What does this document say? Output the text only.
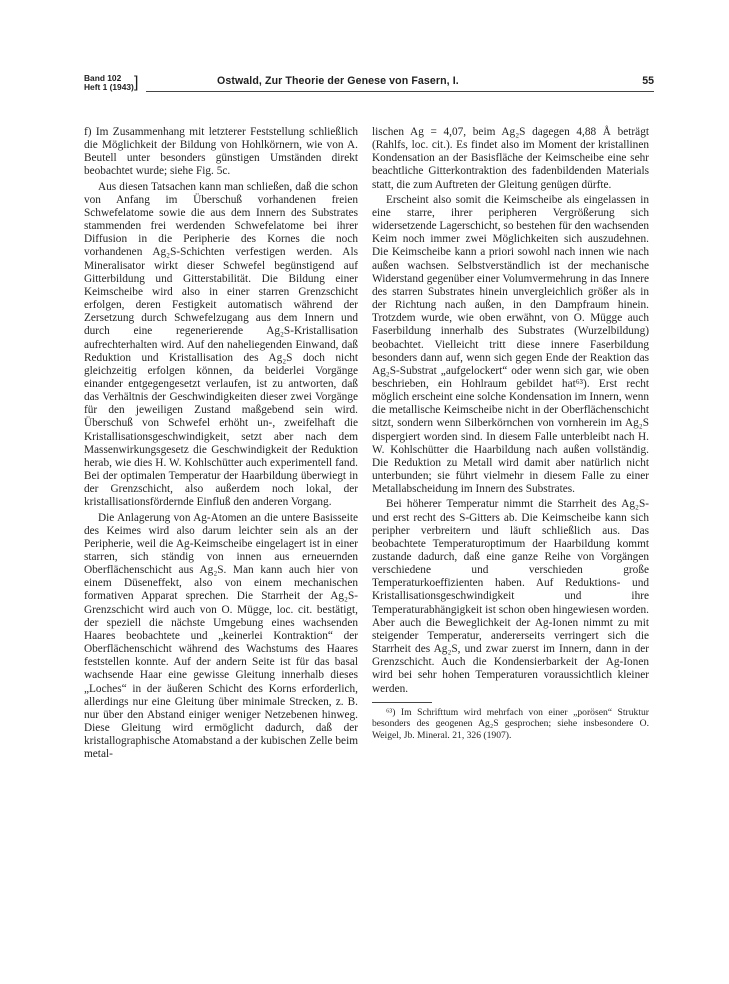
Band 102
Heft 1 (1943) ]	Ostwald, Zur Theorie der Genese von Fasern, I.	55

f) Im Zusammenhang mit letzterer Feststellung schließlich die Möglichkeit der Bildung von Hohlkörnern, wie von A. Beutell unter besonders günstigen Umständen direkt beobachtet wurde; siehe Fig. 5c.

Aus diesen Tatsachen kann man schließen, daß die schon von Anfang im Überschuß vorhandenen freien Schwefelatome sowie die aus dem Innern des Substrates stammenden frei werdenden Schwefelatome bei ihrer Diffusion in die Peripherie des Kornes die noch vorhandenen Ag₂S-Schichten verfestigen werden. Als Mineralisator wirkt dieser Schwefel begünstigend auf Gitterbildung und Gitterstabilität. Die Bildung einer Keimscheibe wird also in einer starren Grenzschicht erfolgen, deren Festigkeit automatisch während der Zersetzung durch Schwefelzugang aus dem Innern und durch eine regenerierende Ag₂S-Kristallisation aufrechterhalten wird. Auf den naheliegenden Einwand, daß Reduktion und Kristallisation des Ag₂S doch nicht gleichzeitig erfolgen können, da beiderlei Vorgänge einander entgegengesetzt verlaufen, ist zu antworten, daß das Verhältnis der Geschwindigkeiten dieser zwei Vorgänge für den jeweiligen Zustand maßgebend sein wird. Überschuß von Schwefel erhöht un-, zweifelhaft die Kristallisationsgeschwindigkeit, setzt aber nach dem Massenwirkungsgesetz die Geschwindigkeit der Reduktion herab, wie dies H. W. Kohlschütter auch experimentell fand. Bei der optimalen Temperatur der Haarbildung überwiegt in der Grenzschicht, also außerdem noch lokal, der kristallisationsfördernde Einfluß den anderen Vorgang.

Die Anlagerung von Ag-Atomen an die untere Basisseite des Keimes wird also darum leichter sein als an der Peripherie, weil die Ag-Keimscheibe eingelagert ist in einer starren, sich ständig von innen aus erneuernden Oberflächenschicht aus Ag₂S. Man kann auch hier von einem Düseneffekt, also von einem mechanischen formativen Apparat sprechen. Die Starrheit der Ag₂S-Grenzschicht wird auch von O. Mügge, loc. cit. bestätigt, der speziell die nächste Umgebung eines wachsenden Haares beobachtete und „keinerlei Kontraktion“ der Oberflächenschicht während des Wachstums des Haares feststellen konnte. Auf der andern Seite ist für das basal wachsende Haar eine gewisse Gleitung innerhalb dieses „Loches“ in der äußeren Schicht des Korns erforderlich, allerdings nur eine Gleitung über minimale Strecken, z. B. nur über den Abstand einiger weniger Netzebenen hinweg. Diese Gleitung wird ermöglicht dadurch, daß der kristallographische Atomabstand a der kubischen Zelle beim metal-

lischen Ag = 4,07, beim Ag₂S dagegen 4,88 Å beträgt (Rahlfs, loc. cit.). Es findet also im Moment der kristallinen Kondensation an der Basisfläche der Keimscheibe eine sehr beachtliche Gitterkontraktion des fadenbildenden Materials statt, die zum Auftreten der Gleitung genügen dürfte.

Erscheint also somit die Keimscheibe als eingelassen in eine starre, ihrer peripheren Vergrößerung sich widersetzende Lagerschicht, so bestehen für den wachsenden Keim noch immer zwei Möglichkeiten sich auszudehnen. Die Keimscheibe kann a priori sowohl nach innen wie nach außen wachsen. Selbstverständlich ist der mechanische Widerstand gegenüber einer Volumvermehrung in das Innere des starren Substrates hinein unvergleichlich größer als in der Richtung nach außen, in den Dampfraum hinein. Trotzdem wurde, wie oben erwähnt, von O. Mügge auch Faserbildung innerhalb des Substrates (Wurzelbildung) beobachtet. Vielleicht tritt diese innere Faserbildung besonders dann auf, wenn sich gegen Ende der Reaktion das Ag₂S-Substrat „aufgelockert“ oder wenn sich gar, wie oben beschrieben, ein Hohlraum gebildet hat⁶³). Erst recht möglich erscheint eine solche Kondensation im Innern, wenn die metallische Keimscheibe nicht in der Oberflächenschicht sitzt, sondern wenn Silberkörnchen von vornherein im Ag₂S dispergiert worden sind. In diesem Falle unterbleibt nach H. W. Kohlschütter die Haarbildung nach außen vollständig. Die Reduktion zu Metall wird damit aber natürlich nicht unterbunden; sie führt vielmehr in diesem Falle zu einer Metallabscheidung im Innern des Substrates.

Bei höherer Temperatur nimmt die Starrheit des Ag₂S- und erst recht des S-Gitters ab. Die Keimscheibe kann sich peripher verbreitern und läuft schließlich aus. Das beobachtete Temperaturoptimum der Haarbildung kommt zustande dadurch, daß eine ganze Reihe von Vorgängen verschiedene und verschieden große Temperaturkoeffizienten haben. Auf Reduktions- und Kristallisationsgeschwindigkeit und ihre Temperaturabhängigkeit ist schon oben hingewiesen worden. Aber auch die Beweglichkeit der Ag-Ionen nimmt zu mit steigender Temperatur, andererseits verringert sich die Starrheit des Ag₂S, und zwar zuerst im Innern, dann in der Grenzschicht. Auch die Kondensierbarkeit der Ag-Ionen wird bei sehr hohen Temperaturen voraussichtlich kleiner werden.

⁶³) Im Schrifttum wird mehrfach von einer „porösen“ Struktur besonders des geogenen Ag₂S gesprochen; siehe insbesondere O. Weigel, Jb. Mineral. 21, 326 (1907).
